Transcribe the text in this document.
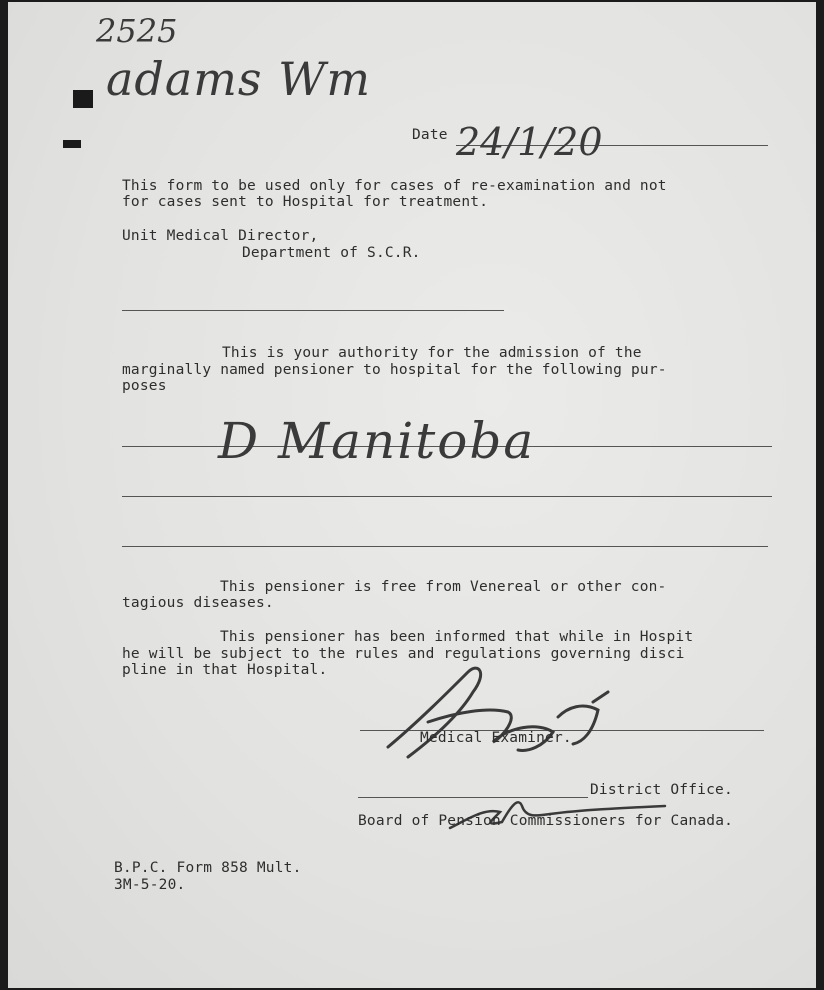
2525
adams Wm
Date 24/1/20
This form to be used only for cases of re-examination and not
for cases sent to Hospital for treatment.
Unit Medical Director,
Department of S.C.R.
This is your authority for the admission of the
marginally named pensioner to hospital for the following pur-
poses
D Manitoba
This pensioner is free from Venereal or other con-
tagious diseases.
This pensioner has been informed that while in Hospit
he will be subject to the rules and regulations governing disci
pline in that Hospital.
Medical Examiner.
District Office.
Board of Pension Commissioners for Canada.
B.P.C. Form 858 Mult.
3M-5-20.
